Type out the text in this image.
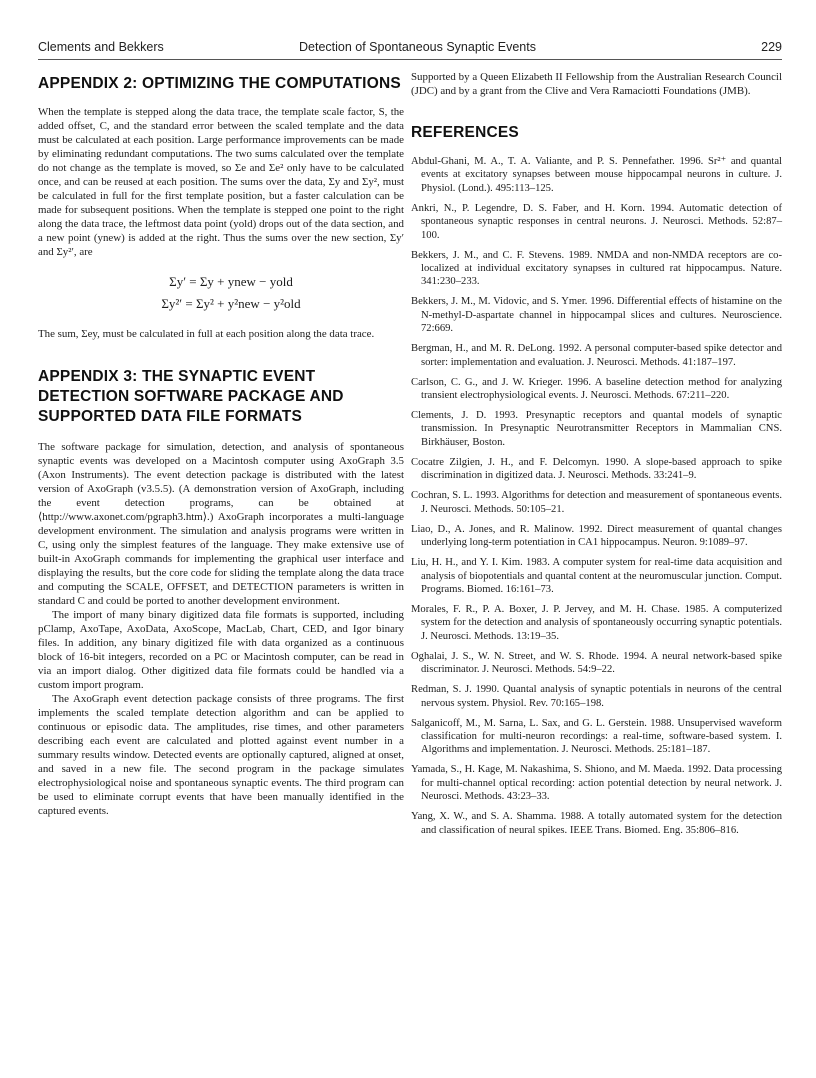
Clements and Bekkers	Detection of Spontaneous Synaptic Events	229
APPENDIX 2: OPTIMIZING THE COMPUTATIONS

When the template is stepped along the data trace, the template scale factor, S, the added offset, C, and the standard error between the scaled template and the data must be calculated at each position. Large performance improvements can be made by eliminating redundant computations. The two sums calculated over the template do not change as the template is moved, so Σe and Σe² only have to be calculated once, and can be reused at each position. The sums over the data, Σy and Σy², must be calculated in full for the first template position, but a faster calculation can be made for subsequent positions. When the template is stepped one point to the right along the data trace, the leftmost data point (yold) drops out of the data section, and a new point (ynew) is added at the right. Thus the sums over the new section, Σy′ and Σy²′, are

Σy′ = Σy + ynew − yold
Σy²′ = Σy² + y²new − y²old

The sum, Σey, must be calculated in full at each position along the data trace.

APPENDIX 3: THE SYNAPTIC EVENT DETECTION SOFTWARE PACKAGE AND SUPPORTED DATA FILE FORMATS

The software package for simulation, detection, and analysis of spontaneous synaptic events was developed on a Macintosh computer using AxoGraph 3.5 (Axon Instruments). The event detection package is distributed with the latest version of AxoGraph (v3.5.5). (A demonstration version of AxoGraph, including the event detection programs, can be obtained at ⟨http://www.axonet.com/pgraph3.htm⟩.) AxoGraph incorporates a multi-language development environment. The simulation and analysis programs were written in C, using only the simplest features of the language. They make extensive use of built-in AxoGraph commands for implementing the graphical user interface and displaying the results, but the core code for sliding the template along the data trace and computing the SCALE, OFFSET, and DETECTION parameters is written in standard C and could be ported to another development environment.

The import of many binary digitized data file formats is supported, including pClamp, AxoTape, AxoData, AxoScope, MacLab, Chart, CED, and Igor binary files. In addition, any binary digitized file with data organized as a continuous block of 16-bit integers, recorded on a PC or Macintosh computer, can be read in via an import dialog. Other digitized data file formats could be handled via a custom import program.

The AxoGraph event detection package consists of three programs. The first implements the scaled template detection algorithm and can be applied to continuous or episodic data. The amplitudes, rise times, and other parameters describing each event are calculated and plotted against event number in a summary results window. Detected events are optionally captured, aligned at onset, and saved in a new file. The second program in the package simulates electrophysiological noise and spontaneous synaptic events. The third program can be used to eliminate corrupt events that have been manually identified in the captured events.

Supported by a Queen Elizabeth II Fellowship from the Australian Research Council (JDC) and by a grant from the Clive and Vera Ramaciotti Foundations (JMB).

REFERENCES
Abdul-Ghani, M. A., T. A. Valiante, and P. S. Pennefather. 1996. Sr²⁺ and quantal events at excitatory synapses between mouse hippocampal neurons in culture. J. Physiol. (Lond.). 495:113–125.
Ankri, N., P. Legendre, D. S. Faber, and H. Korn. 1994. Automatic detection of spontaneous synaptic responses in central neurons. J. Neurosci. Methods. 52:87–100.
Bekkers, J. M., and C. F. Stevens. 1989. NMDA and non-NMDA receptors are co-localized at individual excitatory synapses in cultured rat hippocampus. Nature. 341:230–233.
Bekkers, J. M., M. Vidovic, and S. Ymer. 1996. Differential effects of histamine on the N-methyl-D-aspartate channel in hippocampal slices and cultures. Neuroscience. 72:669.
Bergman, H., and M. R. DeLong. 1992. A personal computer-based spike detector and sorter: implementation and evaluation. J. Neurosci. Methods. 41:187–197.
Carlson, C. G., and J. W. Krieger. 1996. A baseline detection method for analyzing transient electrophysiological events. J. Neurosci. Methods. 67:211–220.
Clements, J. D. 1993. Presynaptic receptors and quantal models of synaptic transmission. In Presynaptic Neurotransmitter Receptors in Mammalian CNS. Birkhäuser, Boston.
Cocatre Zilgien, J. H., and F. Delcomyn. 1990. A slope-based approach to spike discrimination in digitized data. J. Neurosci. Methods. 33:241–9.
Cochran, S. L. 1993. Algorithms for detection and measurement of spontaneous events. J. Neurosci. Methods. 50:105–21.
Liao, D., A. Jones, and R. Malinow. 1992. Direct measurement of quantal changes underlying long-term potentiation in CA1 hippocampus. Neuron. 9:1089–97.
Liu, H. H., and Y. I. Kim. 1983. A computer system for real-time data acquisition and analysis of biopotentials and quantal content at the neuromuscular junction. Comput. Programs. Biomed. 16:161–73.
Morales, F. R., P. A. Boxer, J. P. Jervey, and M. H. Chase. 1985. A computerized system for the detection and analysis of spontaneously occurring synaptic potentials. J. Neurosci. Methods. 13:19–35.
Oghalai, J. S., W. N. Street, and W. S. Rhode. 1994. A neural network-based spike discriminator. J. Neurosci. Methods. 54:9–22.
Redman, S. J. 1990. Quantal analysis of synaptic potentials in neurons of the central nervous system. Physiol. Rev. 70:165–198.
Salganicoff, M., M. Sarna, L. Sax, and G. L. Gerstein. 1988. Unsupervised waveform classification for multi-neuron recordings: a real-time, software-based system. I. Algorithms and implementation. J. Neurosci. Methods. 25:181–187.
Yamada, S., H. Kage, M. Nakashima, S. Shiono, and M. Maeda. 1992. Data processing for multi-channel optical recording: action potential detection by neural network. J. Neurosci. Methods. 43:23–33.
Yang, X. W., and S. A. Shamma. 1988. A totally automated system for the detection and classification of neural spikes. IEEE Trans. Biomed. Eng. 35:806–816.
